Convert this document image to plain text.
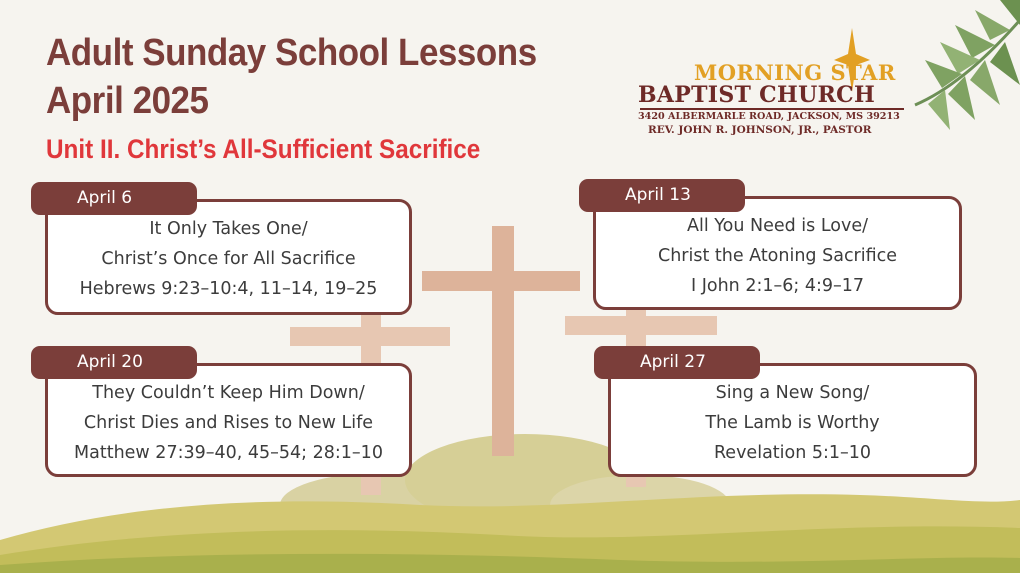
Adult Sunday School Lessons
April 2025
Unit II. Christ’s All-Sufficient Sacrifice
MORNING STAR
BAPTIST CHURCH
3420 ALBERMARLE ROAD, JACKSON, MS 39213
REV. JOHN R. JOHNSON, JR., PASTOR
It Only Takes One/
Christ’s Once for All Sacrifice
Hebrews 9:23–10:4, 11–14, 19–25
April 6
All You Need is Love/
Christ the Atoning Sacrifice
I John 2:1–6; 4:9–17
April 13
They Couldn’t Keep Him Down/
Christ Dies and Rises to New Life
Matthew 27:39–40, 45–54; 28:1–10
April 20
Sing a New Song/
The Lamb is Worthy
Revelation 5:1–10
April 27
